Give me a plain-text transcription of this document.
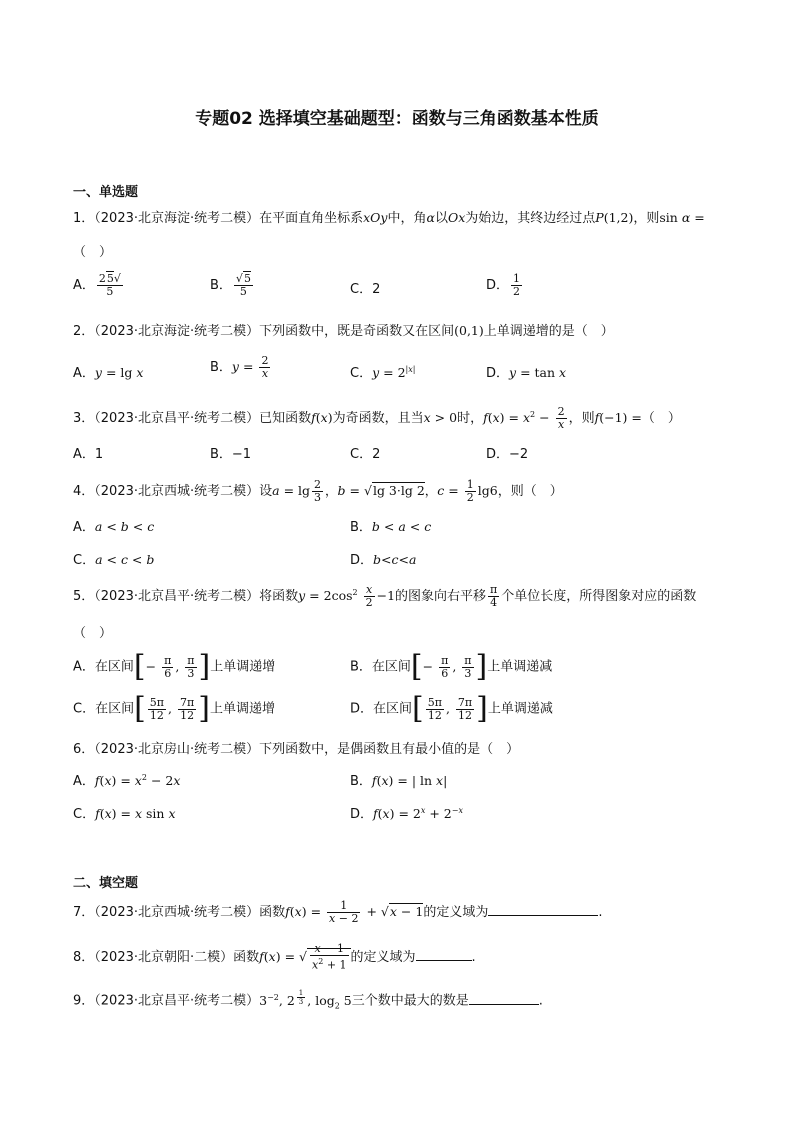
专题02 选择填空基础题型：函数与三角函数基本性质
一、单选题
1．（2023·北京海淀·统考二模）在平面直角坐标系xOy中，角α以Ox为始边，其终边经过点P(1,2)，则sin α =
（　）
A． $\frac{25√}{5}$	B． $\frac{√5}{5}$	C．2	D． $\frac{1}{2}$
2．（2023·北京海淀·统考二模）下列函数中，既是奇函数又在区间(0,1)上单调递增的是（　）
A．y = lg x	B．$y = \frac{2}{x}$	C．$y = 2^{|x|}$	D．y = tan x
3．（2023·北京昌平·统考二模）已知函数f(x)为奇函数，且当x > 0时，$f(x) = x^2 - \frac{2}{x}$ ，则f(−1) =（　）
A．1	B．−1	C．2	D．−2
4．（2023·北京西城·统考二模）设$a = \lg \frac{2}{3}$ ，b = √lg 3·lg 2，$c = \frac{1}{2} \lg 6$，则（　）
A．a < b < c	B．b < a < c
C．a < c < b	D．b<c<a
5．（2023·北京昌平·统考二模）将函数$y = 2\cos^2 \frac{x}{2} -1$的图象向右平移 $\frac{\pi}{4}$ 个单位长度，所得图象对应的函数
（　）
A．在区间[− $\frac{\pi}{6}$ , $\frac{\pi}{3}$ ]上单调递增	B．在区间[− $\frac{\pi}{6}$ , $\frac{\pi}{3}$ ]上单调递减
C．在区间[ $\frac{5\pi}{12}$ , $\frac{7\pi}{12}$ ]上单调递增	D．在区间[ $\frac{5\pi}{12}$ , $\frac{7\pi}{12}$ ]上单调递减
6．（2023·北京房山·统考二模）下列函数中，是偶函数且有最小值的是（　）
A．$f(x) = x^2 - 2x$	B．f(x) = | ln x|
C．f(x) = x sin x	D．$f(x) = 2^x + 2^{-x}$
二、填空题
7．（2023·北京西城·统考二模）函数$f(x) = \frac{1}{x - 2} + √x - 1$的定义域为	.
8．（2023·北京朝阳·二模）函数f(x) = √ $\frac{x - 1}{x^2 + 1}$ 的定义域为	.
9．（2023·北京昌平·统考二模）$3^{-2}$, 2 $^{\frac{1}{3}}$ , $\log_2 5$三个数中最大的数是	.
